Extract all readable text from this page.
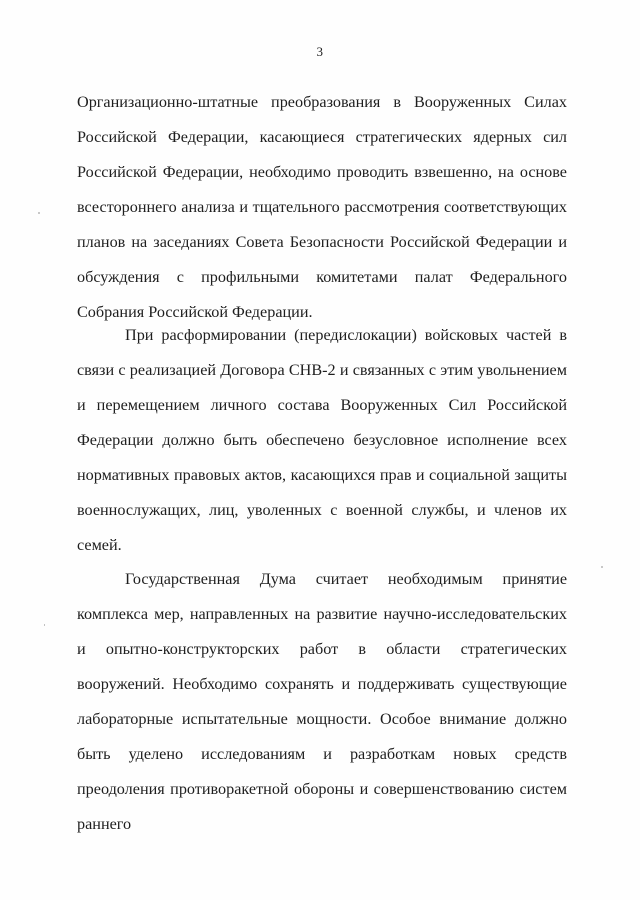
3

Организационно-штатные преобразования в Вооруженных Силах Российской Федерации, касающиеся стратегических ядерных сил Российской Федерации, необходимо проводить взвешенно, на основе всестороннего анализа и тщательного рассмотрения соответствующих планов на заседаниях Совета Безопасности Российской Федерации и обсуждения с профильными комитетами палат Федерального Собрания Российской Федерации.

При расформировании (передислокации) войсковых частей в связи с реализацией Договора СНВ-2 и связанных с этим увольнением и перемещением личного состава Вооруженных Сил Российской Федерации должно быть обеспечено безусловное исполнение всех нормативных правовых актов, касающихся прав и социальной защиты военнослужащих, лиц, уволенных с военной службы, и членов их семей.

Государственная Дума считает необходимым принятие комплекса мер, направленных на развитие научно-исследовательских и опытно-конструкторских работ в области стратегических вооружений. Необходимо сохранять и поддерживать существующие лабораторные испытательные мощности. Особое внимание должно быть уделено исследованиям и разработкам новых средств преодоления противоракетной обороны и совершенствованию систем раннего
